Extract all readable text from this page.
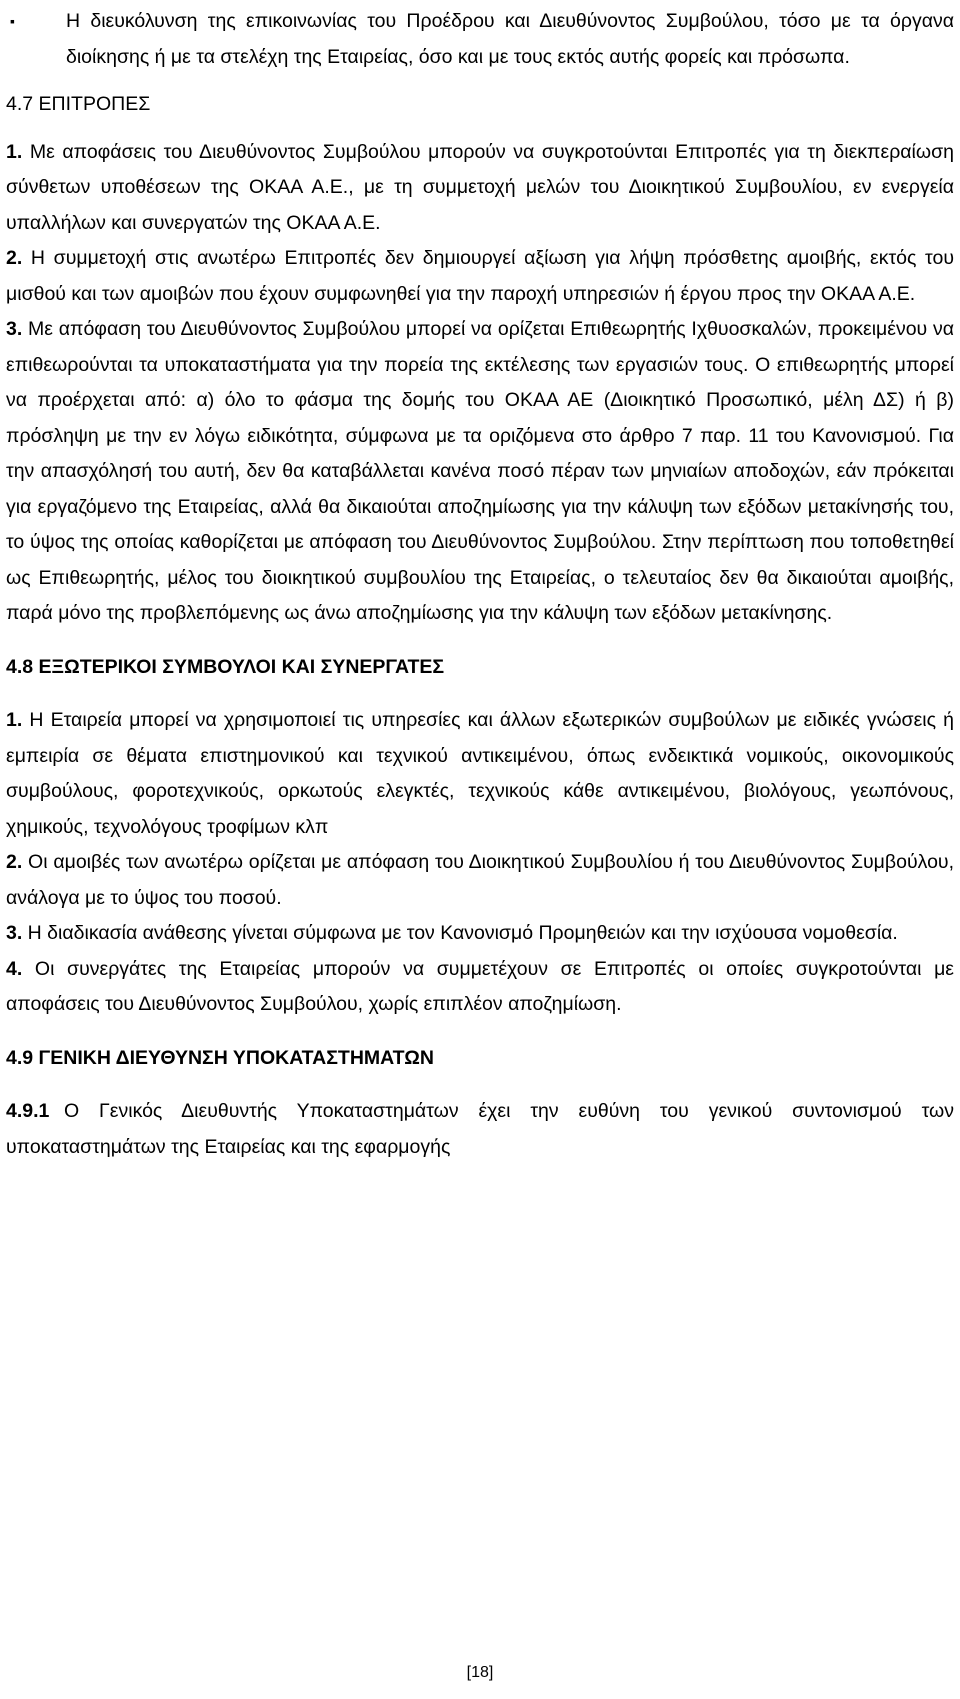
▪	Η διευκόλυνση της επικοινωνίας του Προέδρου και Διευθύνοντος Συμβούλου, τόσο με τα όργανα διοίκησης ή με τα στελέχη της Εταιρείας, όσο και με τους εκτός αυτής φορείς και πρόσωπα.

4.7 ΕΠΙΤΡΟΠΕΣ

1. Με αποφάσεις του Διευθύνοντος Συμβούλου μπορούν να συγκροτούνται Επιτροπές για τη διεκπεραίωση σύνθετων υποθέσεων της ΟΚΑΑ Α.Ε., με τη συμμετοχή μελών του Διοικητικού Συμβουλίου, εν ενεργεία υπαλλήλων και συνεργατών της ΟΚΑΑ Α.Ε.

2. Η συμμετοχή στις ανωτέρω Επιτροπές δεν δημιουργεί αξίωση για λήψη πρόσθετης αμοιβής, εκτός του μισθού και των αμοιβών που έχουν συμφωνηθεί για την παροχή υπηρεσιών ή έργου προς την ΟΚΑΑ Α.Ε.

3. Με απόφαση του Διευθύνοντος Συμβούλου μπορεί να ορίζεται Επιθεωρητής Ιχθυοσκαλών, προκειμένου να επιθεωρούνται τα υποκαταστήματα για την πορεία της εκτέλεσης των εργασιών τους. Ο επιθεωρητής μπορεί να προέρχεται από: α) όλο το φάσμα της δομής του ΟΚΑΑ ΑΕ (Διοικητικό Προσωπικό, μέλη ΔΣ) ή β) πρόσληψη με την εν λόγω ειδικότητα, σύμφωνα με τα οριζόμενα στο άρθρο 7 παρ. 11 του Κανονισμού. Για την απασχόλησή του αυτή, δεν θα καταβάλλεται κανένα ποσό πέραν των μηνιαίων αποδοχών, εάν πρόκειται για εργαζόμενο της Εταιρείας, αλλά θα δικαιούται αποζημίωσης για την κάλυψη των εξόδων μετακίνησής του, το ύψος της οποίας καθορίζεται με απόφαση του Διευθύνοντος Συμβούλου. Στην περίπτωση που τοποθετηθεί ως Επιθεωρητής, μέλος του διοικητικού συμβουλίου της Εταιρείας, ο τελευταίος δεν θα δικαιούται αμοιβής, παρά μόνο της προβλεπόμενης ως άνω αποζημίωσης για την κάλυψη των εξόδων μετακίνησης.

4.8 ΕΞΩΤΕΡΙΚΟΙ ΣΥΜΒΟΥΛΟΙ ΚΑΙ ΣΥΝΕΡΓΑΤΕΣ

1. Η Εταιρεία μπορεί να χρησιμοποιεί τις υπηρεσίες και άλλων εξωτερικών συμβούλων με ειδικές γνώσεις ή εμπειρία σε θέματα επιστημονικού και τεχνικού αντικειμένου, όπως ενδεικτικά νομικούς, οικονομικούς συμβούλους, φοροτεχνικούς, ορκωτούς ελεγκτές, τεχνικούς κάθε αντικειμένου, βιολόγους, γεωπόνους, χημικούς, τεχνολόγους τροφίμων κλπ

2. Οι αμοιβές των ανωτέρω ορίζεται με απόφαση του Διοικητικού Συμβουλίου ή του Διευθύνοντος Συμβούλου, ανάλογα με το ύψος του ποσού.

3. Η διαδικασία ανάθεσης γίνεται σύμφωνα με τον Κανονισμό Προμηθειών και την ισχύουσα νομοθεσία.

4. Οι συνεργάτες της Εταιρείας μπορούν να συμμετέχουν σε Επιτροπές οι οποίες συγκροτούνται με αποφάσεις του Διευθύνοντος Συμβούλου, χωρίς επιπλέον αποζημίωση.

4.9 ΓΕΝΙΚΗ ΔΙΕΥΘΥΝΣΗ ΥΠΟΚΑΤΑΣΤΗΜΑΤΩΝ

4.9.1 Ο Γενικός Διευθυντής Υποκαταστημάτων έχει την ευθύνη του γενικού συντονισμού των υποκαταστημάτων της Εταιρείας και της εφαρμογής

[18]
